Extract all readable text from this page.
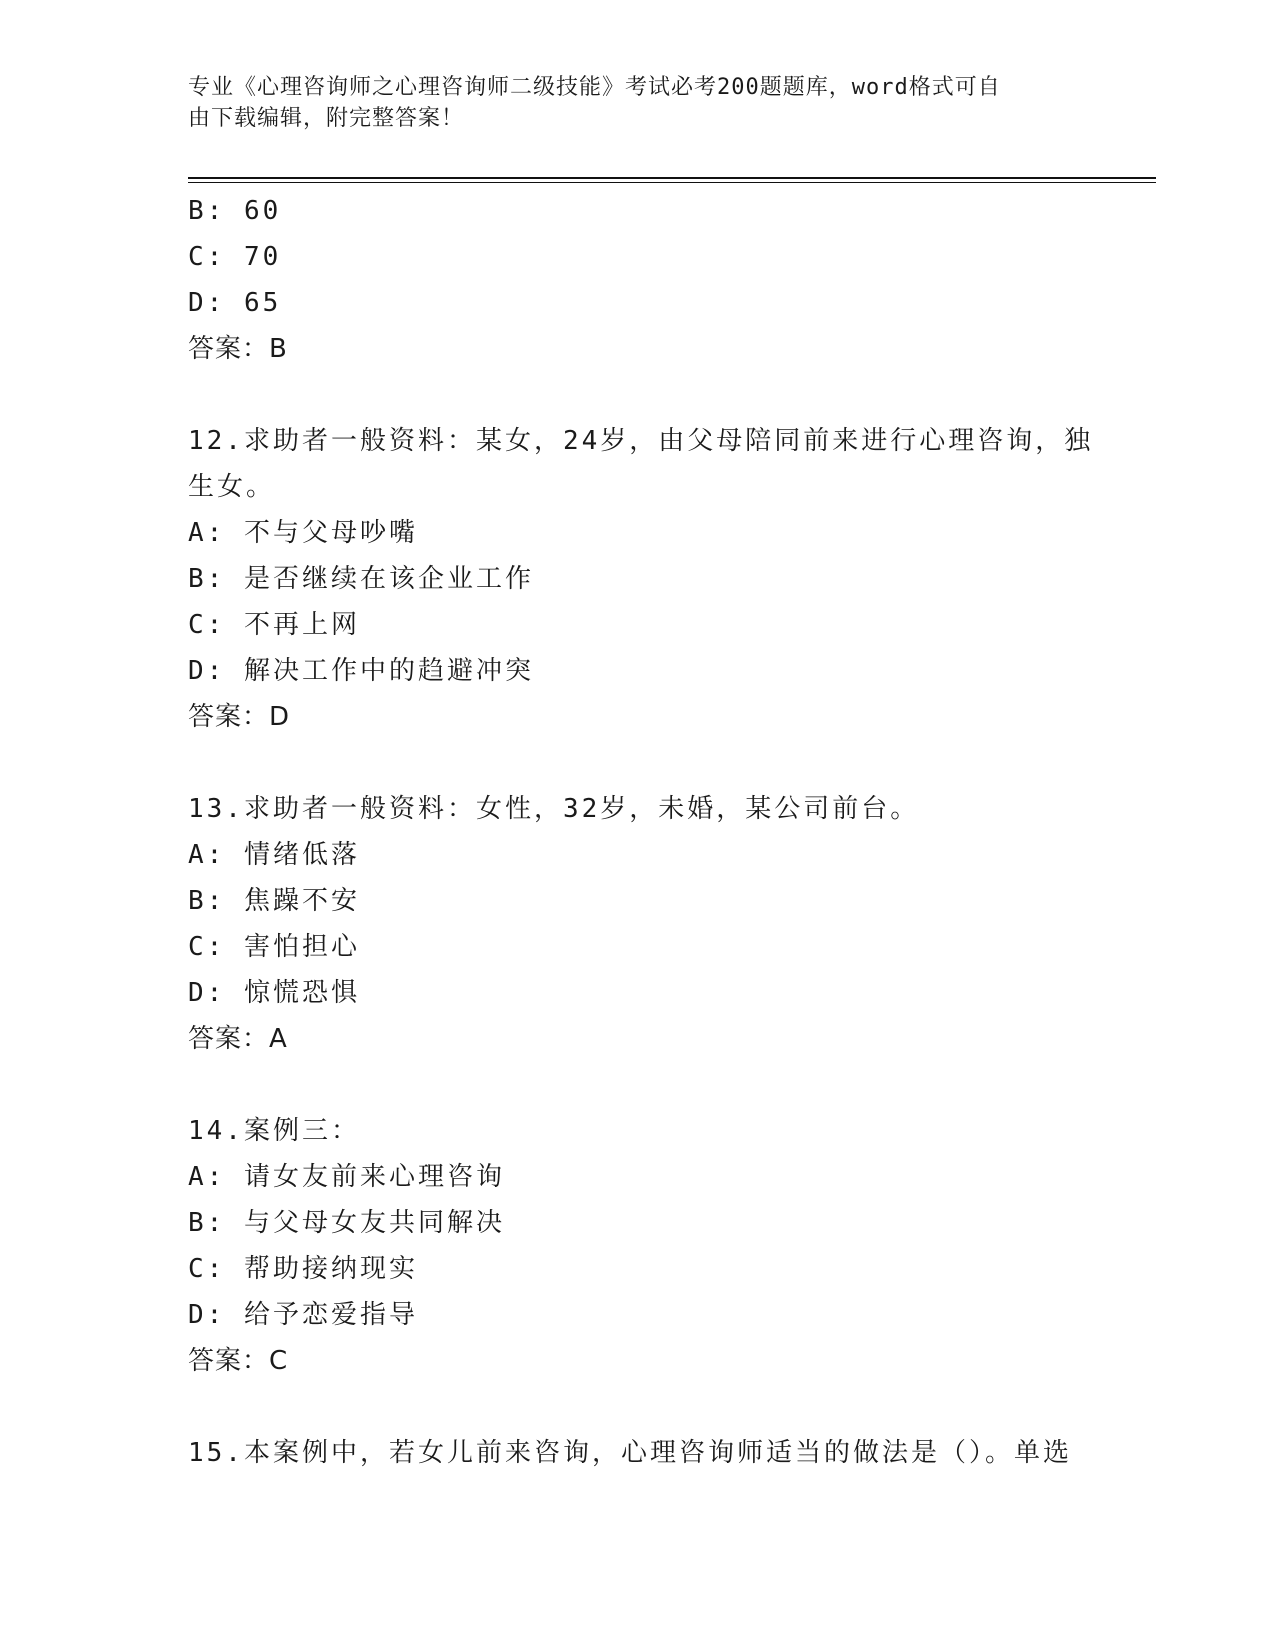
专业《心理咨询师之心理咨询师二级技能》考试必考200题题库，word格式可自
由下载编辑，附完整答案！
B: 60
C: 70
D: 65
答案：B
12.求助者一般资料：某女，24岁，由父母陪同前来进行心理咨询，独
生女。
A: 不与父母吵嘴
B: 是否继续在该企业工作
C: 不再上网
D: 解决工作中的趋避冲突
答案：D
13.求助者一般资料：女性，32岁，未婚，某公司前台。
A: 情绪低落
B: 焦躁不安
C: 害怕担心
D: 惊慌恐惧
答案：A
14.案例三：
A: 请女友前来心理咨询
B: 与父母女友共同解决
C: 帮助接纳现实
D: 给予恋爱指导
答案：C
15.本案例中，若女儿前来咨询，心理咨询师适当的做法是（）。单选
